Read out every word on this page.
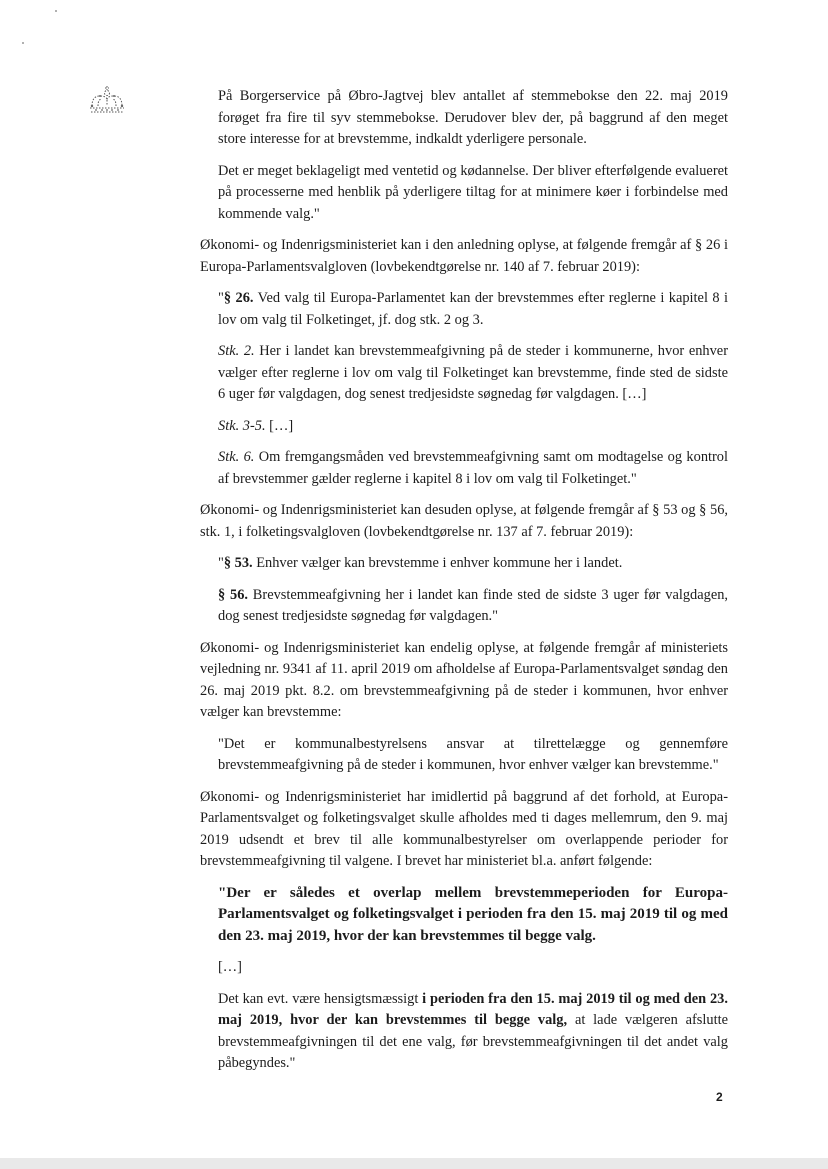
På Borgerservice på Øbro-Jagtvej blev antallet af stemmebokse den 22. maj 2019 forøget fra fire til syv stemmebokse. Derudover blev der, på baggrund af den meget store interesse for at brevstemme, indkaldt yderligere personale.

Det er meget beklageligt med ventetid og kødannelse. Der bliver efterfølgende evalueret på processerne med henblik på yderligere tiltag for at minimere køer i forbindelse med kommende valg."

Økonomi- og Indenrigsministeriet kan i den anledning oplyse, at følgende fremgår af § 26 i Europa-Parlamentsvalgloven (lovbekendtgørelse nr. 140 af 7. februar 2019):

"§ 26. Ved valg til Europa-Parlamentet kan der brevstemmes efter reglerne i kapitel 8 i lov om valg til Folketinget, jf. dog stk. 2 og 3.

Stk. 2. Her i landet kan brevstemmeafgivning på de steder i kommunerne, hvor enhver vælger efter reglerne i lov om valg til Folketinget kan brevstemme, finde sted de sidste 6 uger før valgdagen, dog senest tredjesidste søgnedag før valgdagen. […]

Stk. 3-5. […]

Stk. 6. Om fremgangsmåden ved brevstemmeafgivning samt om modtagelse og kontrol af brevstemmer gælder reglerne i kapitel 8 i lov om valg til Folketinget."

Økonomi- og Indenrigsministeriet kan desuden oplyse, at følgende fremgår af § 53 og § 56, stk. 1, i folketingsvalgloven (lovbekendtgørelse nr. 137 af 7. februar 2019):

"§ 53. Enhver vælger kan brevstemme i enhver kommune her i landet.

§ 56. Brevstemmeafgivning her i landet kan finde sted de sidste 3 uger før valgdagen, dog senest tredjesidste søgnedag før valgdagen."

Økonomi- og Indenrigsministeriet kan endelig oplyse, at følgende fremgår af ministeriets vejledning nr. 9341 af 11. april 2019 om afholdelse af Europa-Parlamentsvalget søndag den 26. maj 2019 pkt. 8.2. om brevstemmeafgivning på de steder i kommunen, hvor enhver vælger kan brevstemme:

"Det er kommunalbestyrelsens ansvar at tilrettelægge og gennemføre brevstemmeafgivning på de steder i kommunen, hvor enhver vælger kan brevstemme."

Økonomi- og Indenrigsministeriet har imidlertid på baggrund af det forhold, at Europa-Parlamentsvalget og folketingsvalget skulle afholdes med ti dages mellemrum, den 9. maj 2019 udsendt et brev til alle kommunalbestyrelser om overlappende perioder for brevstemmeafgivning til valgene. I brevet har ministeriet bl.a. anført følgende:

"Der er således et overlap mellem brevstemmeperioden for Europa-Parlamentsvalget og folketingsvalget i perioden fra den 15. maj 2019 til og med den 23. maj 2019, hvor der kan brevstemmes til begge valg.

[…]

Det kan evt. være hensigtsmæssigt i perioden fra den 15. maj 2019 til og med den 23. maj 2019, hvor der kan brevstemmes til begge valg, at lade vælgeren afslutte brevstemmeafgivningen til det ene valg, før brevstemmeafgivningen til det andet valg påbegyndes."

2
